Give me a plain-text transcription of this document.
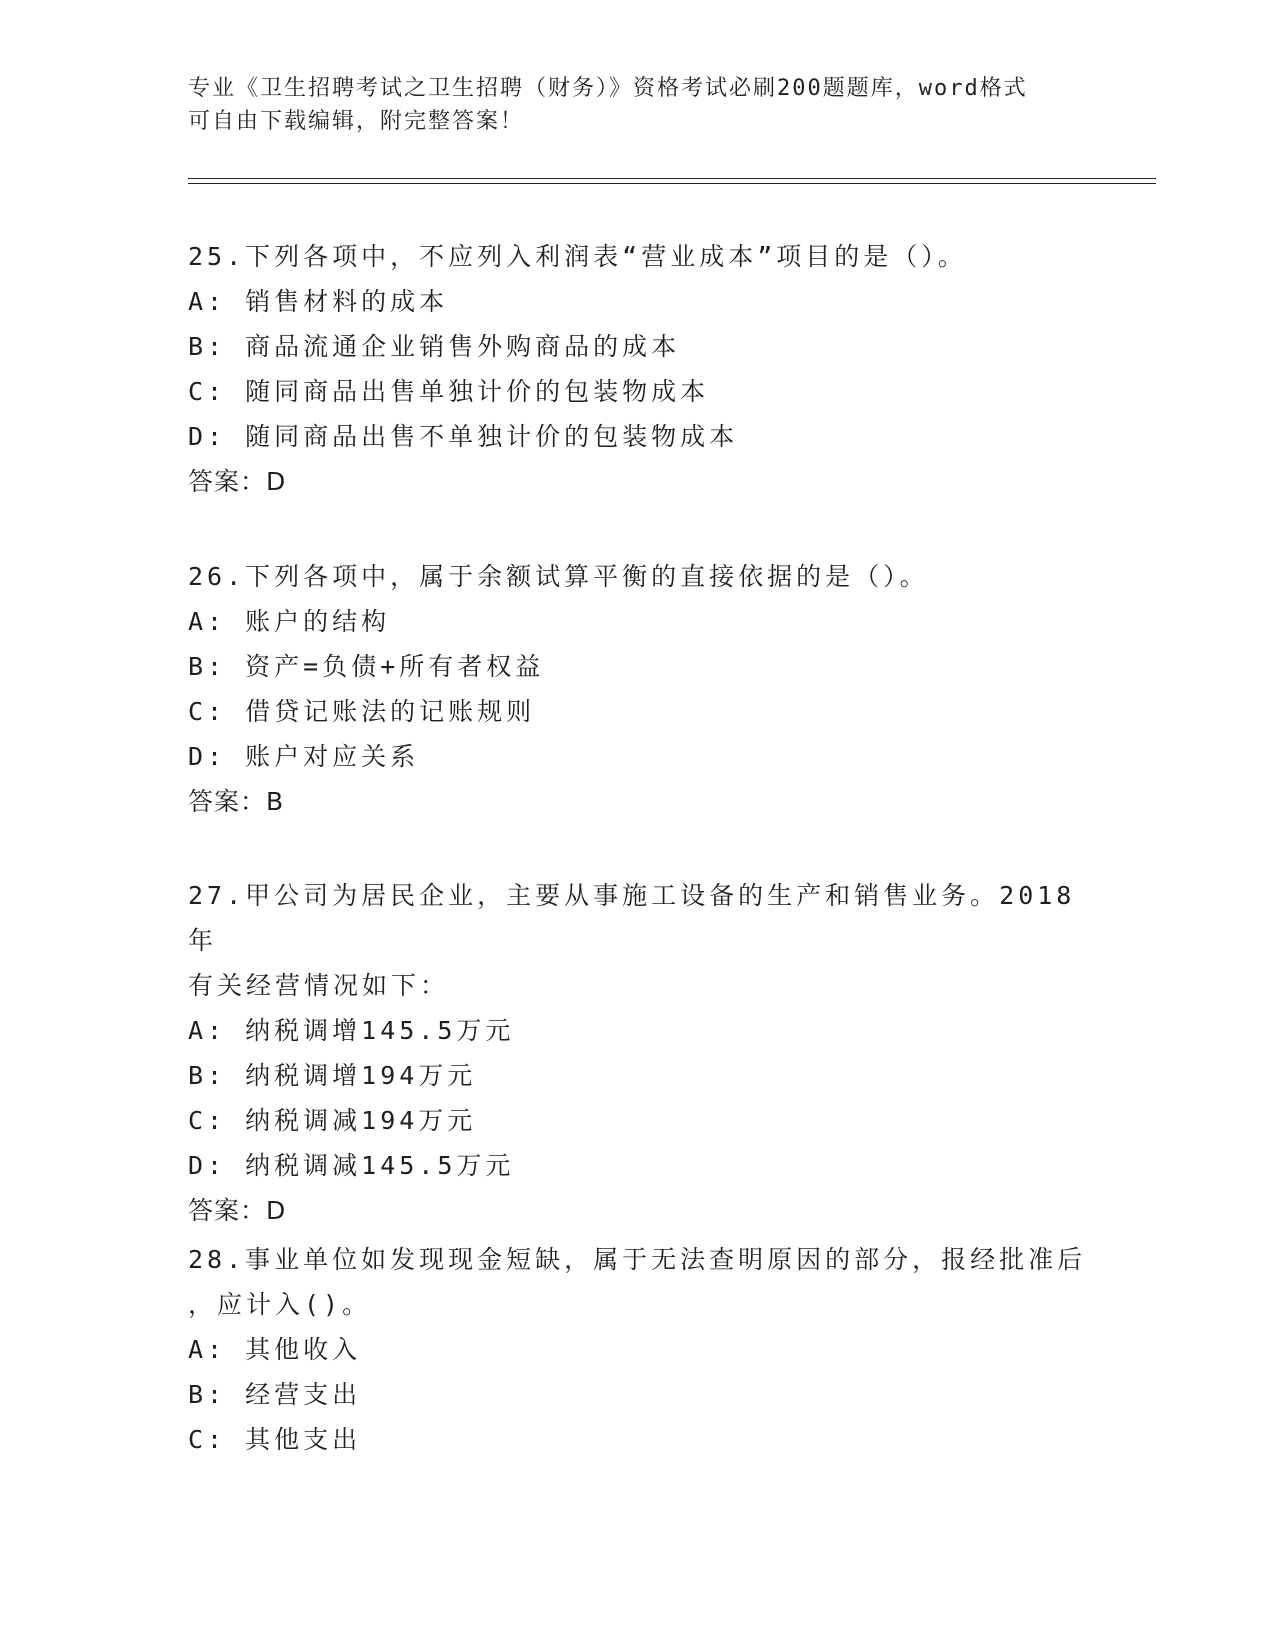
专业《卫生招聘考试之卫生招聘（财务）》资格考试必刷200题题库，word格式
可自由下载编辑，附完整答案！

25.下列各项中，不应列入利润表“营业成本”项目的是（）。

A: 销售材料的成本

B: 商品流通企业销售外购商品的成本

C: 随同商品出售单独计价的包装物成本

D: 随同商品出售不单独计价的包装物成本

答案：D

26.下列各项中，属于余额试算平衡的直接依据的是（）。

A: 账户的结构

B: 资产=负债+所有者权益

C: 借贷记账法的记账规则

D: 账户对应关系

答案：B

27.甲公司为居民企业，主要从事施工设备的生产和销售业务。2018年

有关经营情况如下：

A: 纳税调增145.5万元

B: 纳税调增194万元

C: 纳税调减194万元

D: 纳税调减145.5万元

答案：D

28.事业单位如发现现金短缺，属于无法查明原因的部分，报经批准后

，应计入()。

A: 其他收入

B: 经营支出

C: 其他支出
